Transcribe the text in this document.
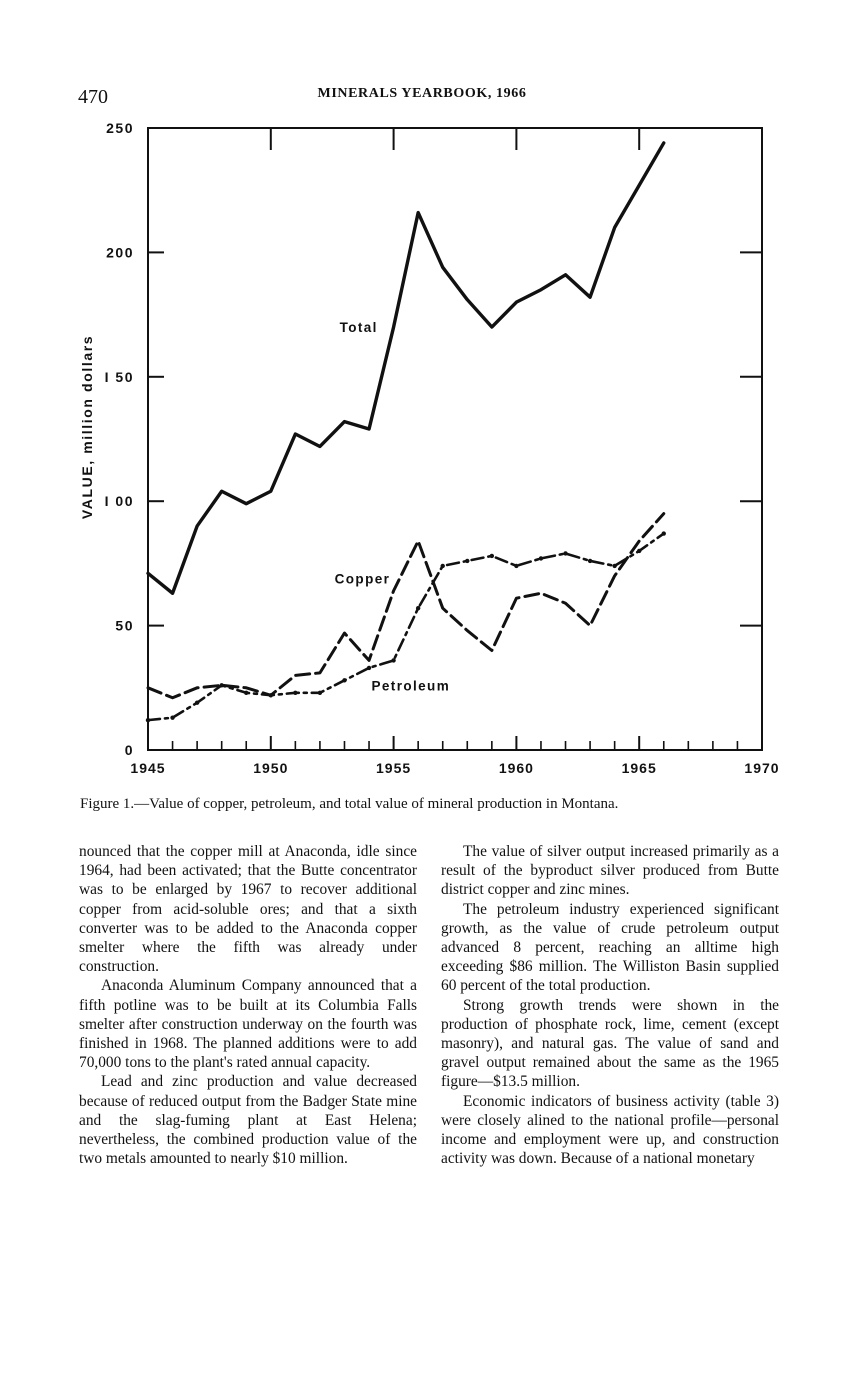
470	MINERALS YEARBOOK, 1966
1945	1950	1955	1960	1965	1970
0
50
I 00
I 50
200
250
Total
Copper
Petroleum
VALUE, million dollars
Figure 1.—Value of copper, petroleum, and total value of mineral production in Montana.

nounced that the copper mill at Anaconda, idle since 1964, had been activated; that the Butte concentrator was to be enlarged by 1967 to recover additional copper from acid-soluble ores; and that a sixth converter was to be added to the Anaconda copper smelter where the fifth was already under construction.

Anaconda Aluminum Company announced that a fifth potline was to be built at its Columbia Falls smelter after construction underway on the fourth was finished in 1968. The planned additions were to add 70,000 tons to the plant's rated annual capacity.

Lead and zinc production and value decreased because of reduced output from the Badger State mine and the slag-fuming plant at East Helena; nevertheless, the combined production value of the two metals amounted to nearly $10 million.

The value of silver output increased primarily as a result of the byproduct silver produced from Butte district copper and zinc mines.

The petroleum industry experienced significant growth, as the value of crude petroleum output advanced 8 percent, reaching an alltime high exceeding $86 million. The Williston Basin supplied 60 percent of the total production.

Strong growth trends were shown in the production of phosphate rock, lime, cement (except masonry), and natural gas. The value of sand and gravel output remained about the same as the 1965 figure—$13.5 million.

Economic indicators of business activity (table 3) were closely alined to the national profile—personal income and employment were up, and construction activity was down. Because of a national monetary
